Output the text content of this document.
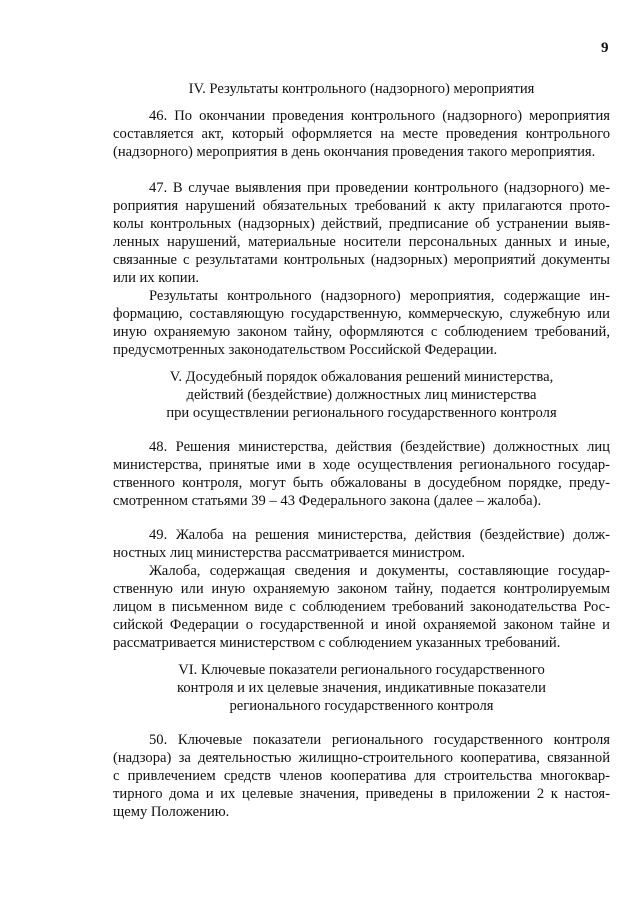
9
IV. Результаты контрольного (надзорного) мероприятия
46. По окончании проведения контрольного (надзорного) мероприятия
составляется акт, который оформляется на месте проведения контрольного
(надзорного) мероприятия в день окончания проведения такого мероприятия.
47. В случае выявления при проведении контрольного (надзорного) ме-
роприятия нарушений обязательных требований к акту прилагаются прото-
колы контрольных (надзорных) действий, предписание об устранении выяв-
ленных нарушений, материальные носители персональных данных и иные,
связанные с результатами контрольных (надзорных) мероприятий документы
или их копии.
Результаты контрольного (надзорного) мероприятия, содержащие ин-
формацию, составляющую государственную, коммерческую, служебную или
иную охраняемую законом тайну, оформляются с соблюдением требований,
предусмотренных законодательством Российской Федерации.
V. Досудебный порядок обжалования решений министерства,
действий (бездействие) должностных лиц министерства
при осуществлении регионального государственного контроля
48. Решения министерства, действия (бездействие) должностных лиц
министерства, принятые ими в ходе осуществления регионального государ-
ственного контроля, могут быть обжалованы в досудебном порядке, преду-
смотренном статьями 39 – 43 Федерального закона (далее – жалоба).
49. Жалоба на решения министерства, действия (бездействие) долж-
ностных лиц министерства рассматривается министром.
Жалоба, содержащая сведения и документы, составляющие государ-
ственную или иную охраняемую законом тайну, подается контролируемым
лицом в письменном виде с соблюдением требований законодательства Рос-
сийской Федерации о государственной и иной охраняемой законом тайне и
рассматривается министерством с соблюдением указанных требований.
VI. Ключевые показатели регионального государственного
контроля и их целевые значения, индикативные показатели
регионального государственного контроля
50. Ключевые показатели регионального государственного контроля
(надзора) за деятельностью жилищно-строительного кооператива, связанной
с привлечением средств членов кооператива для строительства многоквар-
тирного дома и их целевые значения, приведены в приложении 2 к настоя-
щему Положению.
